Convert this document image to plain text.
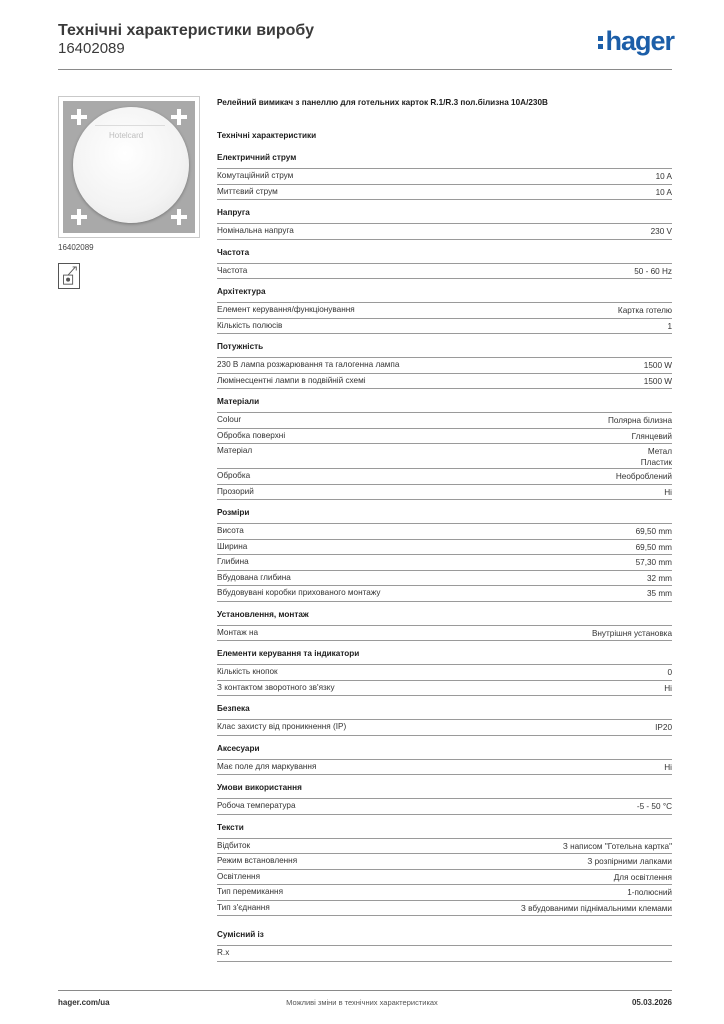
Технічні характеристики виробу
16402089	hager
Hotelcard
16402089
Релейний вимикач з панеллю для готельних карток R.1/R.3 пол.білизна 10А/230В
Технічні характеристики
Електричний струм
Комутаційний струм	10 A
Миттєвий струм	10 A
Напруга
Номінальна напруга	230 V
Частота
Частота	50 - 60 Hz
Архітектура
Елемент керування/функціонування	Картка готелю
Кількість полюсів	1
Потужність
230 В лампа розжарювання та галогенна лампа	1500 W
Люмінесцентні лампи в подвійній схемі	1500 W
Матеріали
Colour	Полярна білизна
Обробка поверхні	Глянцевий
Матеріал	Метал
Пластик
Обробка	Необроблений
Прозорий	Ні
Розміри
Висота	69,50 mm
Ширина	69,50 mm
Глибина	57,30 mm
Вбудована глибина	32 mm
Вбудовувані коробки прихованого монтажу	35 mm
Установлення, монтаж
Монтаж на	Внутрішня установка
Елементи керування та індикатори
Кількість кнопок	0
З контактом зворотного зв'язку	Ні
Безпека
Клас захисту від проникнення (IP)	IP20
Аксесуари
Має поле для маркування	Ні
Умови використання
Робоча температура	-5 - 50 °C
Тексти
Відбиток	З написом "Готельна картка"
Режим встановлення	З розпірними лапками
Освітлення	Для освітлення
Тип перемикання	1-полюсний
Тип з'єднання	З вбудованими піднімальними клемами
Сумісний із
R.x
hager.com/ua	Можливі зміни в технічних характеристиках	05.03.2026
